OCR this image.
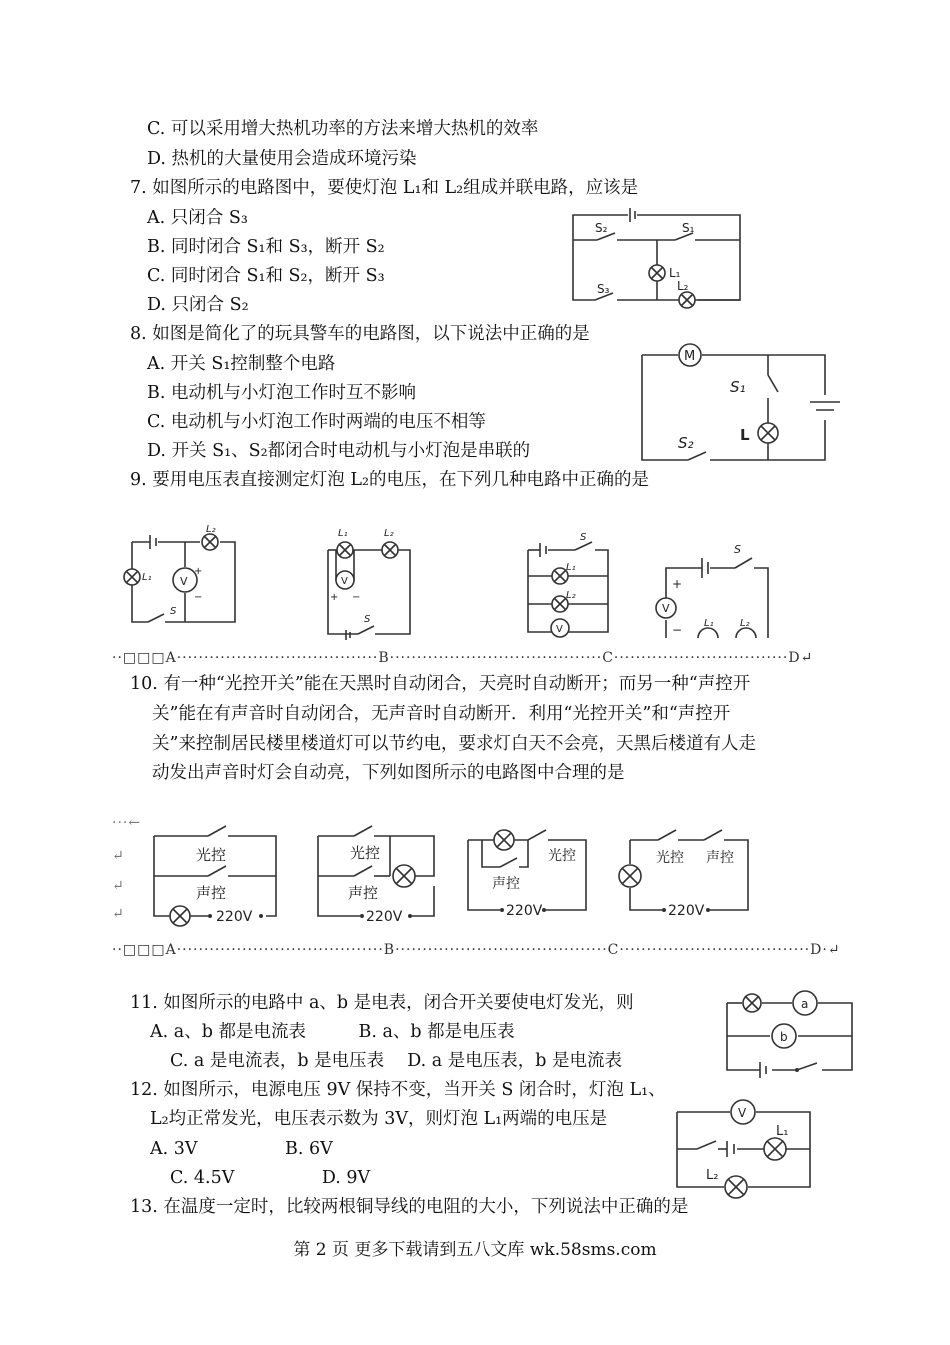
C. 可以采用增大热机功率的方法来增大热机的效率
D. 热机的大量使用会造成环境污染
7. 如图所示的电路图中，要使灯泡 L₁和 L₂组成并联电路，应该是
A. 只闭合 S₃
B. 同时闭合 S₁和 S₃，断开 S₂
C. 同时闭合 S₁和 S₂，断开 S₃
D. 只闭合 S₂
8. 如图是简化了的玩具警车的电路图，以下说法中正确的是
A. 开关 S₁控制整个电路
B. 电动机与小灯泡工作时互不影响
C. 电动机与小灯泡工作时两端的电压不相等
D. 开关 S₁、S₂都闭合时电动机与小灯泡是串联的
9. 要用电压表直接测定灯泡 L₂的电压，在下列几种电路中正确的是
··□□□A·····································B·······································C································D↵
10. 有一种“光控开关”能在天黑时自动闭合，天亮时自动断开；而另一种“声控开
关”能在有声音时自动闭合，无声音时自动断开．利用“光控开关”和“声控开
关”来控制居民楼里楼道灯可以节约电，要求灯白天不会亮，天黑后楼道有人走
动发出声音时灯会自动亮，下列如图所示的电路图中合理的是
··□□□A······································B·······································C···································D·↵
11. 如图所示的电路中 a、b 是电表，闭合开关要使电灯发光，则
A. a、b 都是电流表　　　B. a、b 都是电压表
C. a 是电流表，b 是电压表　 D. a 是电压表，b 是电流表
12. 如图所示，电源电压 9V 保持不变，当开关 S 闭合时，灯泡 L₁、
L₂均正常发光，电压表示数为 3V，则灯泡 L₁两端的电压是
A. 3V　　　　　B. 6V
C. 4.5V　　　　　D. 9V
13. 在温度一定时，比较两根铜导线的电阻的大小，下列说法中正确的是
第 2 页 更多下载请到五八文库 wk.58sms.com
S₂	S₁
S₃
L₁
L₂
M
S₁
L
S₂
V
L₂
L₁
S
+
−
V
L₁	L₂
S
+ −
V
L₁
L₂
S
V
+
− L₁	L₂
S
···←
↵
↵
↵
光控
声控
220V
光控
声控
220V
光控
声控
220V
光控 声控
220V
a
b
V
L₁
L₂
